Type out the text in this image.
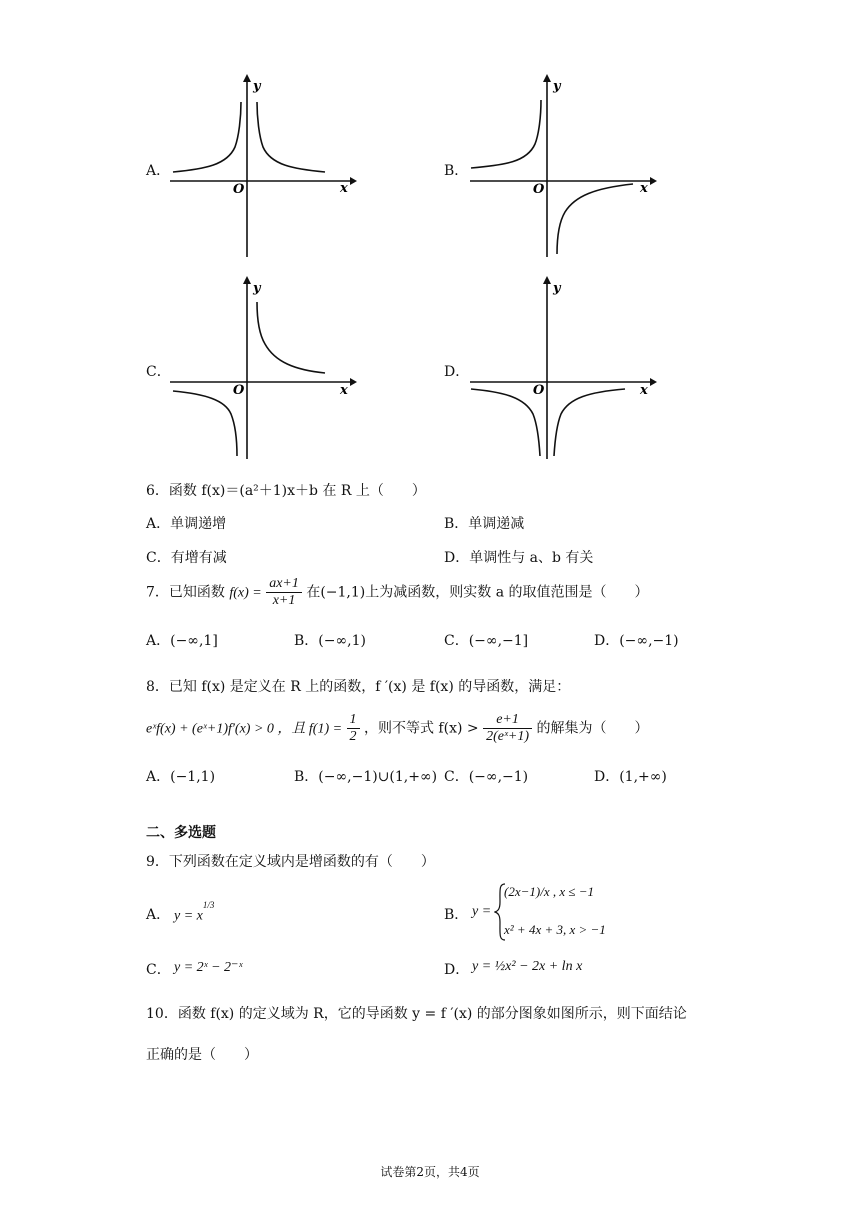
A．
y
x
O
B．
y
x
O
C．
y
x
O
D．
y
x
O
6．函数 f(x)＝(a²＋1)x＋b 在 R 上（　　）
A．单调递增	B．单调递减
C．有增有减	D．单调性与 a、b 有关
7．已知函数 $f(x) = \frac{ax+1}{x+1}$ 在(−1,1)上为减函数，则实数 a 的取值范围是（　　）
A．(−∞,1]	B．(−∞,1)	C．(−∞,−1]	D．(−∞,−1)
8．已知 f(x) 是定义在 R 上的函数，f ′(x) 是 f(x) 的导函数，满足：
eˣf(x) + (eˣ+1)f′(x) > 0 ，且 $f(1) = \frac{1}{2}$ ，则不等式 $f(x) > \frac{e+1}{\text{2(eˣ+1)}}$ 的解集为（　　）
A．(−1,1)	B．(−∞,−1)∪(1,+∞) C．(−∞,−1)	D．(1,+∞)
二、多选题
9．下列函数在定义域内是增函数的有（　　）
A． $y = x^{1/3}$
B． y =
(2x−1)/x , x ≤ −1
x² + 4x + 3, x > −1
C． y = 2ˣ − 2⁻ˣ	D． y = ½x² − 2x + ln x
10．函数 f(x) 的定义域为 R，它的导函数 y = f ′(x) 的部分图象如图所示，则下面结论
正确的是（　　）
试卷第2页，共4页
